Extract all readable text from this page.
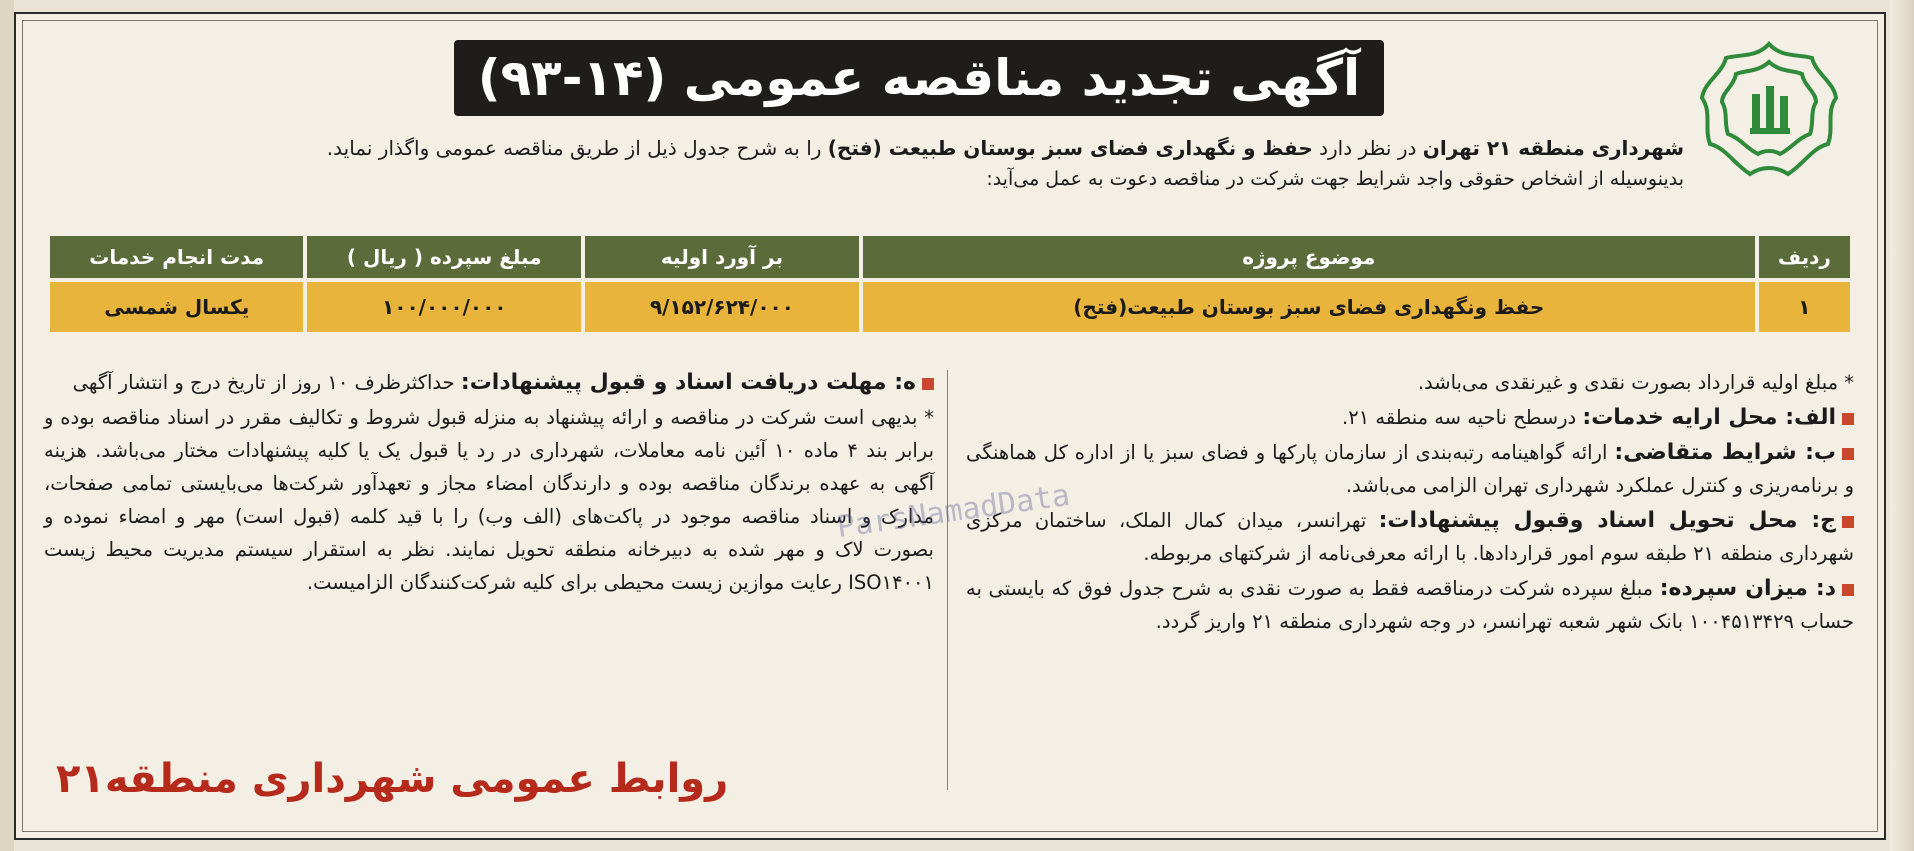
آگهی تجدید مناقصه عمومی (۱۴-۹۳)
شهرداری منطقه ۲۱ تهران در نظر دارد حفظ و نگهداری فضای سبز بوستان طبیعت (فتح) را به شرح جدول ذیل از طریق مناقصه عمومی واگذار نماید.
بدینوسیله از اشخاص حقوقی واجد شرایط جهت شرکت در مناقصه دعوت به عمل می‌آید:
ردیف	موضوع پروژه	بر آورد اولیه	مبلغ سپرده ( ریال )	مدت انجام خدمات
۱	حفظ ونگهداری فضای سبز بوستان طبیعت(فتح)	۹/۱۵۲/۶۲۴/۰۰۰	۱۰۰/۰۰۰/۰۰۰	یکسال شمسی

* مبلغ اولیه قرارداد بصورت نقدی و غیرنقدی می‌باشد.

الف: محل ارایه خدمات: درسطح ناحیه سه منطقه ۲۱.

ب: شرایط متقاضی: ارائه گواهینامه رتبه‌بندی از سازمان پارکها و فضای سبز یا از اداره کل هماهنگی و برنامه‌ریزی و کنترل عملکرد شهرداری تهران الزامی می‌باشد.

ج: محل تحویل اسناد وقبول پیشنهادات: تهرانسر، میدان کمال الملک، ساختمان مرکزی شهرداری منطقه ۲۱ طبقه سوم امور قراردادها. با ارائه معرفی‌نامه از شرکتهای مربوطه.

د: میزان سپرده: مبلغ سپرده شرکت درمناقصه فقط به صورت نقدی به شرح جدول فوق که بایستی به حساب ۱۰۰۴۵۱۳۴۲۹ بانک شهر شعبه تهرانسر، در وجه شهرداری منطقه ۲۱ واریز گردد.

ه: مهلت دریافت اسناد و قبول پیشنهادات: حداکثرظرف ۱۰ روز از تاریخ درج و انتشار آگهی

* بدیهی است شرکت در مناقصه و ارائه پیشنهاد به منزله قبول شروط و تکالیف مقرر در اسناد مناقصه بوده و برابر بند ۴ ماده ۱۰ آئین نامه معاملات، شهرداری در رد یا قبول یک یا کلیه پیشنهادات مختار می‌باشد. هزینه آگهی به عهده برندگان مناقصه بوده و دارندگان امضاء مجاز و تعهدآور شرکت‌ها می‌بایستی تمامی صفحات، مدارک و اسناد مناقصه موجود در پاکت‌های (الف وب) را با قید کلمه (قبول است) مهر و امضاء نموده و بصورت لاک و مهر شده به دبیرخانه منطقه تحویل نمایند. نظر به استقرار سیستم مدیریت محیط زیست ISO۱۴۰۰۱ رعایت موازین زیست محیطی برای کلیه شرکت‌کنندگان الزامیست.

ParsNamadData
روابط عمومی شهرداری منطقه۲۱
